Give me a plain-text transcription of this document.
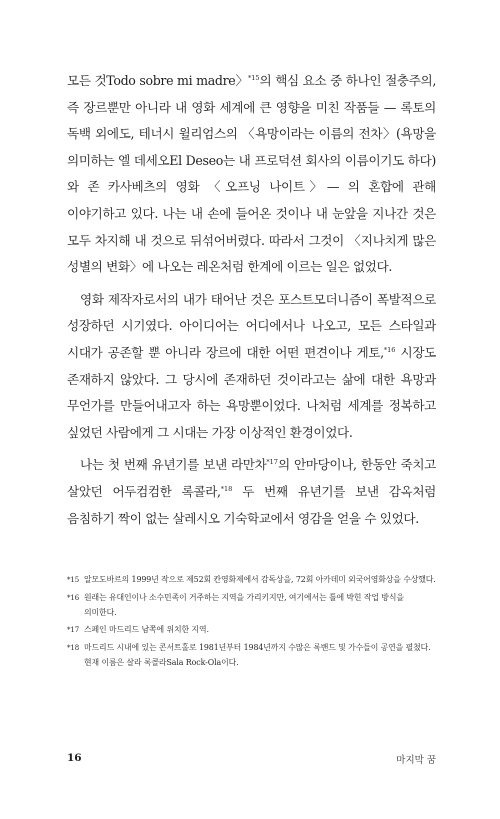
모든 것Todo sobre mi madre〉$^{*15}$의 핵심 요소 중 하나인 절충주의, 즉 장르뿐만 아니라 내 영화 세계에 큰 영향을 미친 작품들 — 록토의 독백 외에도, 테너시 윌리엄스의 〈욕망이라는 이름의 전차〉(욕망을 의미하는 엘 데세오El Deseo는 내 프로덕션 회사의 이름이기도 하다)와 존 카사베츠의 영화 〈오프닝 나이트〉— 의 혼합에 관해 이야기하고 있다. 나는 내 손에 들어온 것이나 내 눈앞을 지나간 것은 모두 차지해 내 것으로 뒤섞어버렸다. 따라서 그것이 〈지나치게 많은 성별의 변화〉에 나오는 레온처럼 한계에 이르는 일은 없었다.

영화 제작자로서의 내가 태어난 것은 포스트모더니즘이 폭발적으로 성장하던 시기였다. 아이디어는 어디에서나 나오고, 모든 스타일과 시대가 공존할 뿐 아니라 장르에 대한 어떤 편견이나 게토,$^{*16}$ 시장도 존재하지 않았다. 그 당시에 존재하던 것이라고는 삶에 대한 욕망과 무언가를 만들어내고자 하는 욕망뿐이었다. 나처럼 세계를 정복하고 싶었던 사람에게 그 시대는 가장 이상적인 환경이었다.

나는 첫 번째 유년기를 보낸 라만차$^{*17}$의 안마당이나, 한동안 죽치고 살았던 어두컴컴한 록콜라,$^{*18}$ 두 번째 유년기를 보낸 감옥처럼 음침하기 짝이 없는 살레시오 기숙학교에서 영감을 얻을 수 있었다.

*15 알모도바르의 1999년 작으로 제52회 칸영화제에서 감독상을, 72회 아카데미 외국어영화상을 수상했다.
*16 원래는 유대인이나 소수민족이 거주하는 지역을 가리키지만, 여기에서는 틀에 박힌 작업 방식을 의미한다.
*17 스페인 마드리드 남쪽에 위치한 지역.
*18 마드리드 시내에 있는 콘서트홀로 1981년부터 1984년까지 수많은 록밴드 및 가수들이 공연을 펼쳤다. 현재 이름은 살라 록콜라Sala Rock-Ola이다.
16	마지막 꿈
